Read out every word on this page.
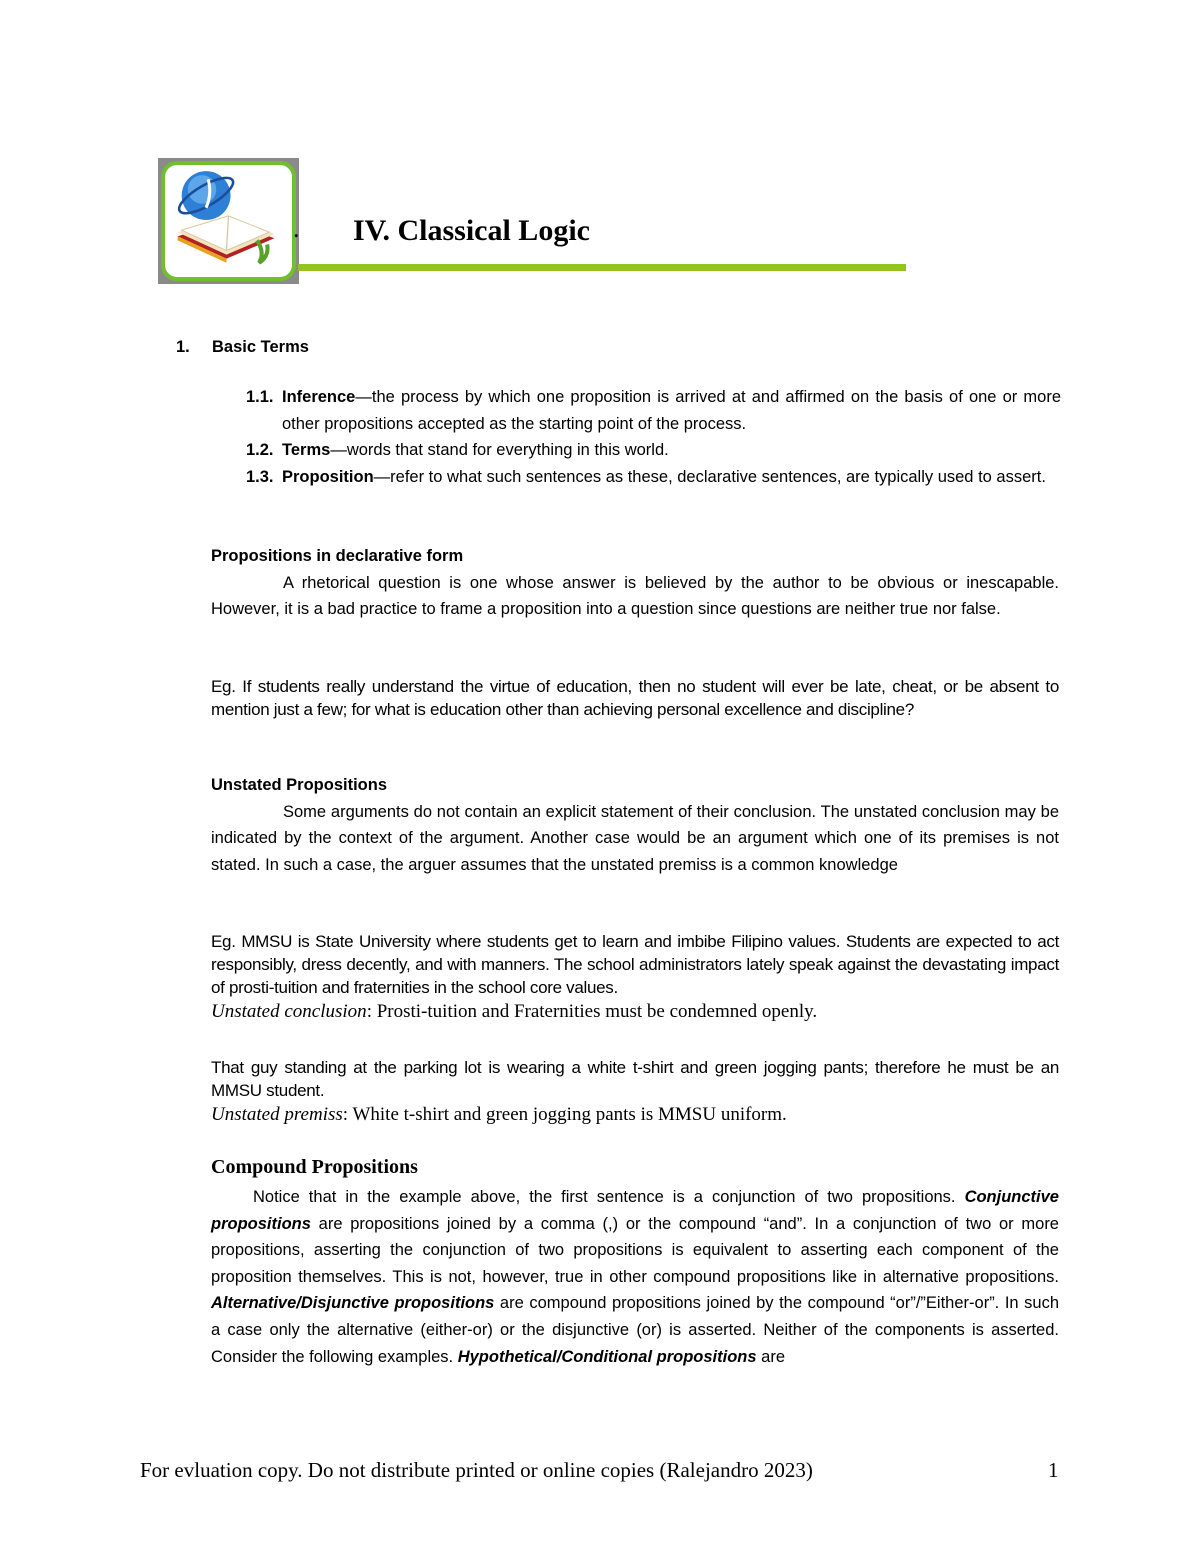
. IV. Classical Logic
1. Basic Terms
1.1. Inference—the process by which one proposition is arrived at and affirmed on the basis of one or more other propositions accepted as the starting point of the process.
1.2. Terms—words that stand for everything in this world.
1.3. Proposition—refer to what such sentences as these, declarative sentences, are typically used to assert.
Propositions in declarative form
A rhetorical question is one whose answer is believed by the author to be obvious or inescapable. However, it is a bad practice to frame a proposition into a question since questions are neither true nor false.
Eg. If students really understand the virtue of education, then no student will ever be late, cheat, or be absent to mention just a few; for what is education other than achieving personal excellence and discipline?
Unstated Propositions
Some arguments do not contain an explicit statement of their conclusion. The unstated conclusion may be indicated by the context of the argument. Another case would be an argument which one of its premises is not stated. In such a case, the arguer assumes that the unstated premiss is a common knowledge
Eg. MMSU is State University where students get to learn and imbibe Filipino values. Students are expected to act responsibly, dress decently, and with manners. The school administrators lately speak against the devastating impact of prosti-tuition and fraternities in the school core values.
Unstated conclusion: Prosti-tuition and Fraternities must be condemned openly.
That guy standing at the parking lot is wearing a white t-shirt and green jogging pants; therefore he must be an MMSU student.
Unstated premiss: White t-shirt and green jogging pants is MMSU uniform.
Compound Propositions
Notice that in the example above, the first sentence is a conjunction of two propositions. Conjunctive propositions are propositions joined by a comma (,) or the compound “and”. In a conjunction of two or more propositions, asserting the conjunction of two propositions is equivalent to asserting each component of the proposition themselves. This is not, however, true in other compound propositions like in alternative propositions. Alternative/Disjunctive propositions are compound propositions joined by the compound “or”/”Either-or”. In such a case only the alternative (either-or) or the disjunctive (or) is asserted. Neither of the components is asserted. Consider the following examples. Hypothetical/Conditional propositions are
For evluation copy. Do not distribute printed or online copies (Ralejandro 2023)	1
